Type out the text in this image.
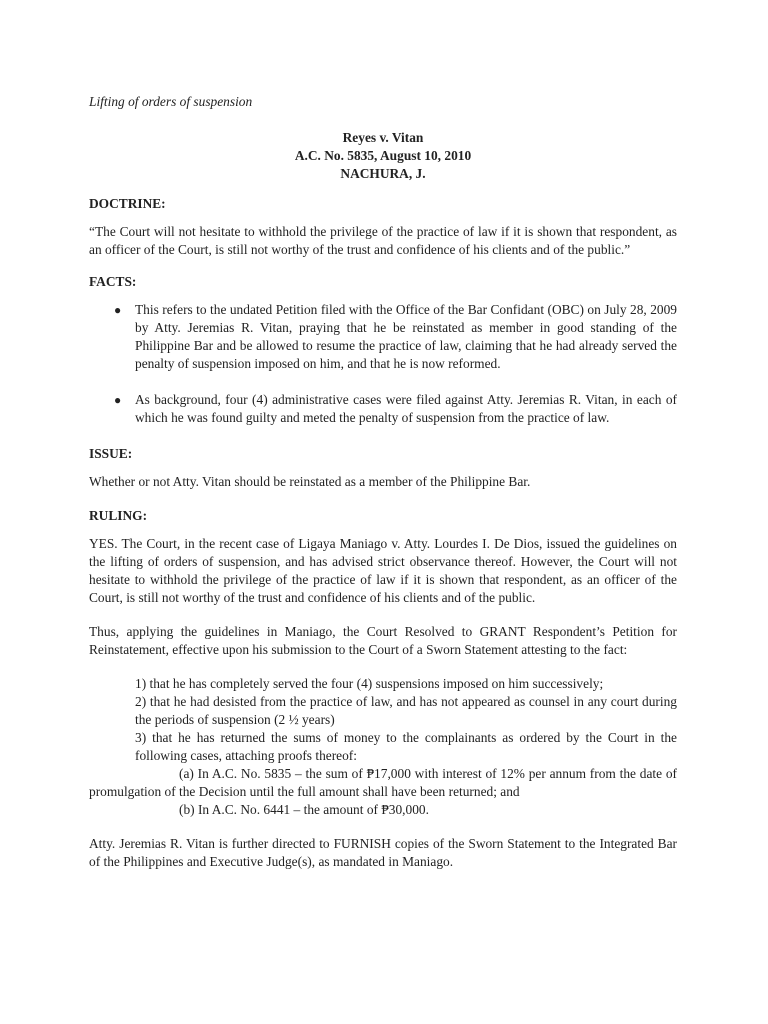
Lifting of orders of suspension

Reyes v. Vitan
A.C. No. 5835, August 10, 2010
NACHURA, J.
DOCTRINE:

“The Court will not hesitate to withhold the privilege of the practice of law if it is shown that respondent, as an officer of the Court, is still not worthy of the trust and confidence of his clients and of the public.”

FACTS:
● This refers to the undated Petition filed with the Office of the Bar Confidant (OBC) on July 28, 2009 by Atty. Jeremias R. Vitan, praying that he be reinstated as member in good standing of the Philippine Bar and be allowed to resume the practice of law, claiming that he had already served the penalty of suspension imposed on him, and that he is now reformed.
● As background, four (4) administrative cases were filed against Atty. Jeremias R. Vitan, in each of which he was found guilty and meted the penalty of suspension from the practice of law.
ISSUE:

Whether or not Atty. Vitan should be reinstated as a member of the Philippine Bar.

RULING:

YES. The Court, in the recent case of Ligaya Maniago v. Atty. Lourdes I. De Dios, issued the guidelines on the lifting of orders of suspension, and has advised strict observance thereof. However, the Court will not hesitate to withhold the privilege of the practice of law if it is shown that respondent, as an officer of the Court, is still not worthy of the trust and confidence of his clients and of the public.

Thus, applying the guidelines in Maniago, the Court Resolved to GRANT Respondent’s Petition for Reinstatement, effective upon his submission to the Court of a Sworn Statement attesting to the fact:

1) that he has completely served the four (4) suspensions imposed on him successively;
2) that he had desisted from the practice of law, and has not appeared as counsel in any court during the periods of suspension (2 ½ years)
3) that he has returned the sums of money to the complainants as ordered by the Court in the following cases, attaching proofs thereof:
(a) In A.C. No. 5835 – the sum of ₱17,000 with interest of 12% per annum from the date of promulgation of the Decision until the full amount shall have been returned; and
(b) In A.C. No. 6441 – the amount of ₱30,000.

Atty. Jeremias R. Vitan is further directed to FURNISH copies of the Sworn Statement to the Integrated Bar of the Philippines and Executive Judge(s), as mandated in Maniago.
